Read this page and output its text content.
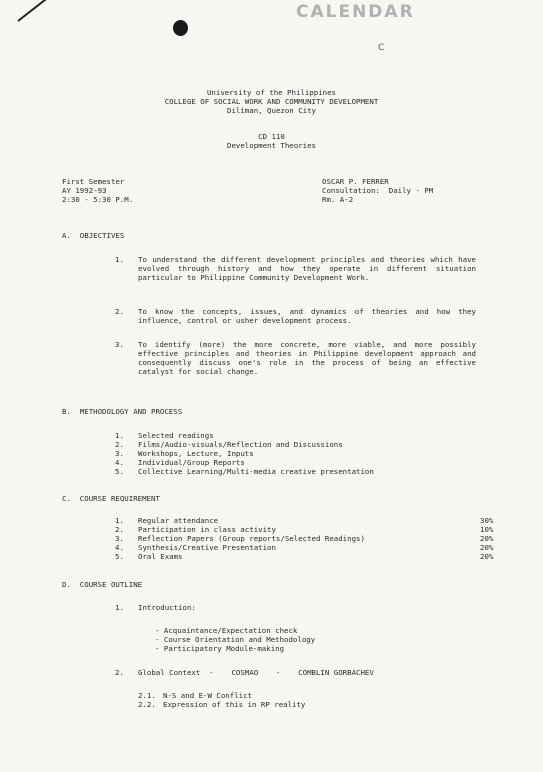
CALENDAR
C
University of the Philippines
COLLEGE OF SOCIAL WORK AND COMMUNITY DEVELOPMENT
Diliman, Quezon City
CD 110
Development Theories
First Semester
AY 1992-93
2:30 - 5:30 P.M.
OSCAR P. FERRER
Consultation:  Daily - PM
Rm. A-2
A.  OBJECTIVES
1. To understand the different development principles and theories which have evolved through history and how they operate in different situation particular to Philippine Community Development Work.
2. To know the concepts, issues, and dynamics of theories and how they influence, control or usher development process.
3. To identify (more) the more concrete, more viable, and more possibly effective principles and theories in Philippine development approach and consequently discuss one's role in the process of being an effective catalyst for social change.
B.  METHODOLOGY AND PROCESS
1. Selected readings
2. Films/Audio-visuals/Reflection and Discussions
3. Workshops, Lecture, Inputs
4. Individual/Group Reports
5. Collective Learning/Multi-media creative presentation
C.  COURSE REQUIREMENT
1. Regular attendance	30%
2. Participation in class activity	10%
3. Reflection Papers (Group reports/Selected Readings)	20%
4. Synthesis/Creative Presentation	20%
5. Oral Exams	20%
D.  COURSE OUTLINE
1. Introduction:
- Acquaintance/Expectation check
- Course Orientation and Methodology
- Participatory Module-making
2. Global Context  -    COSMAO    -    COMBLIN GORBACHEV
2.1. N-S and E-W Conflict
2.2. Expression of this in RP reality
